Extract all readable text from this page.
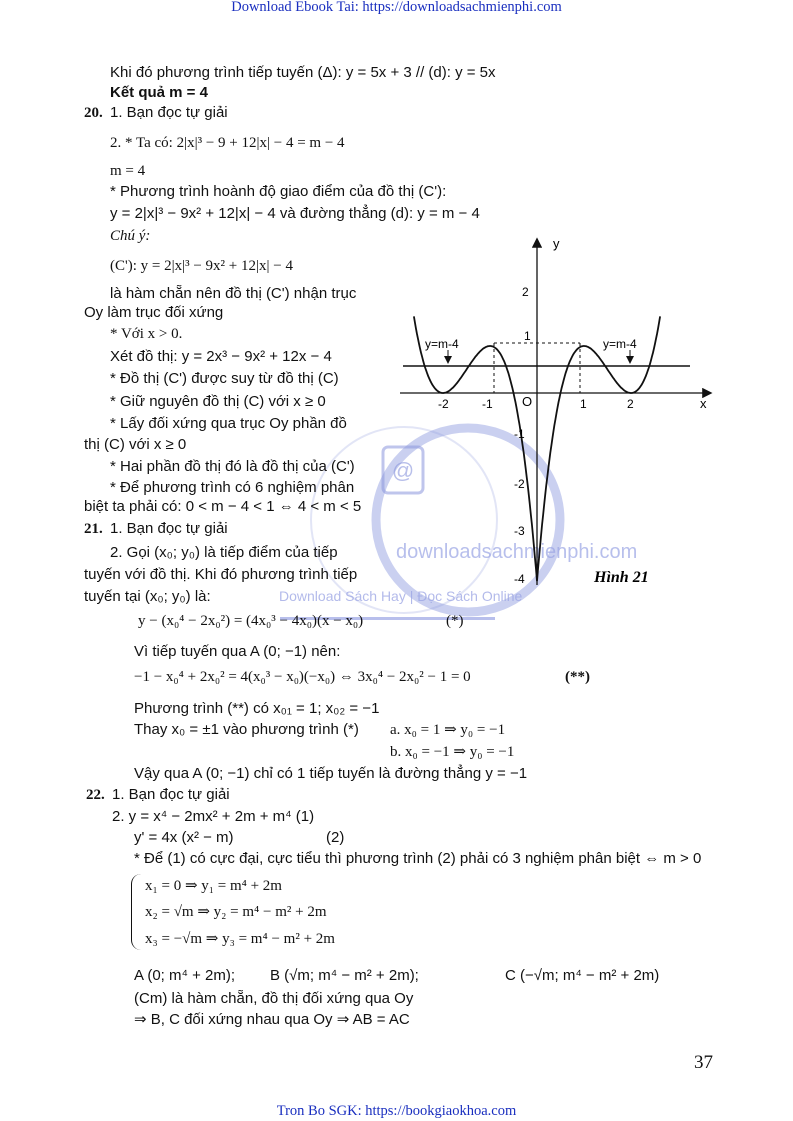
Download Ebook Tai: https://downloadsachmienphi.com
@
downloadsachmienphi.com
Download Sách Hay | Đọc Sách Online
Khi đó phương trình tiếp tuyến (Δ): y = 5x + 3 // (d): y = 5x
Kết quả m = 4
20. 1. Bạn đọc tự giải
2. * Ta có: 2|x|³ − 9 + 12|x| − 4 = m − 4
m = 4
* Phương trình hoành độ giao điểm của đồ thị (C'):
y = 2|x|³ − 9x² + 12|x| − 4 và đường thẳng (d): y = m − 4
Chú ý:
(C'): y = 2|x|³ − 9x² + 12|x| − 4
là hàm chẵn nên đồ thị (C') nhận trục
Oy làm trục đối xứng
* Với x > 0.
Xét đồ thị: y = 2x³ − 9x² + 12x − 4
* Đồ thị (C') được suy từ đồ thị (C)
* Giữ nguyên đồ thị (C) với x ≥ 0
* Lấy đối xứng qua trục Oy phần đồ
thị (C) với x ≥ 0
* Hai phần đồ thị đó là đồ thị của (C')
* Để phương trình có 6 nghiệm phân
biệt ta phải có: 0 < m − 4 < 1 ⇔ 4 < m < 5
21. 1. Bạn đọc tự giải
2. Gọi (x₀; y₀) là tiếp điểm của tiếp
tuyến với đồ thị. Khi đó phương trình tiếp
tuyến tại (x₀; y₀) là:
y − (x₀⁴ − 2x₀²) = (4x₀³ − 4x₀)(x − x₀)	(*)
Vì tiếp tuyến qua A (0; −1) nên:
−1 − x₀⁴ + 2x₀² = 4(x₀³ − x₀)(−x₀) ⇔ 3x₀⁴ − 2x₀² − 1 = 0	(**)
Phương trình (**) có x₀₁ = 1; x₀₂ = −1
Thay x₀ = ±1 vào phương trình (*) a. x₀ = 1 ⇒ y₀ = −1
b. x₀ = −1 ⇒ y₀ = −1
Vậy qua A (0; −1) chỉ có 1 tiếp tuyến là đường thẳng y = −1
22. 1. Bạn đọc tự giải
2. y = x⁴ − 2mx² + 2m + m⁴ (1)
y' = 4x (x² − m)	(2)
* Để (1) có cực đại, cực tiểu thì phương trình (2) phải có 3 nghiệm phân biệt ⇔ m > 0
x₁ = 0 ⇒ y₁ = m⁴ + 2m
x₂ = √m ⇒ y₂ = m⁴ − m² + 2m
x₃ = −√m ⇒ y₃ = m⁴ − m² + 2m
A (0; m⁴ + 2m); B (√m; m⁴ − m² + 2m);	C (−√m; m⁴ − m² + 2m)
(Cm) là hàm chẵn, đồ thị đối xứng qua Oy
⇒ B, C đối xứng nhau qua Oy ⇒ AB = AC
y
x
O
y=m-4	y=m-4
-2	-1	1	2
2
1
-1
-2
-3
-4	Hình 21
37
Tron Bo SGK: https://bookgiaokhoa.com
